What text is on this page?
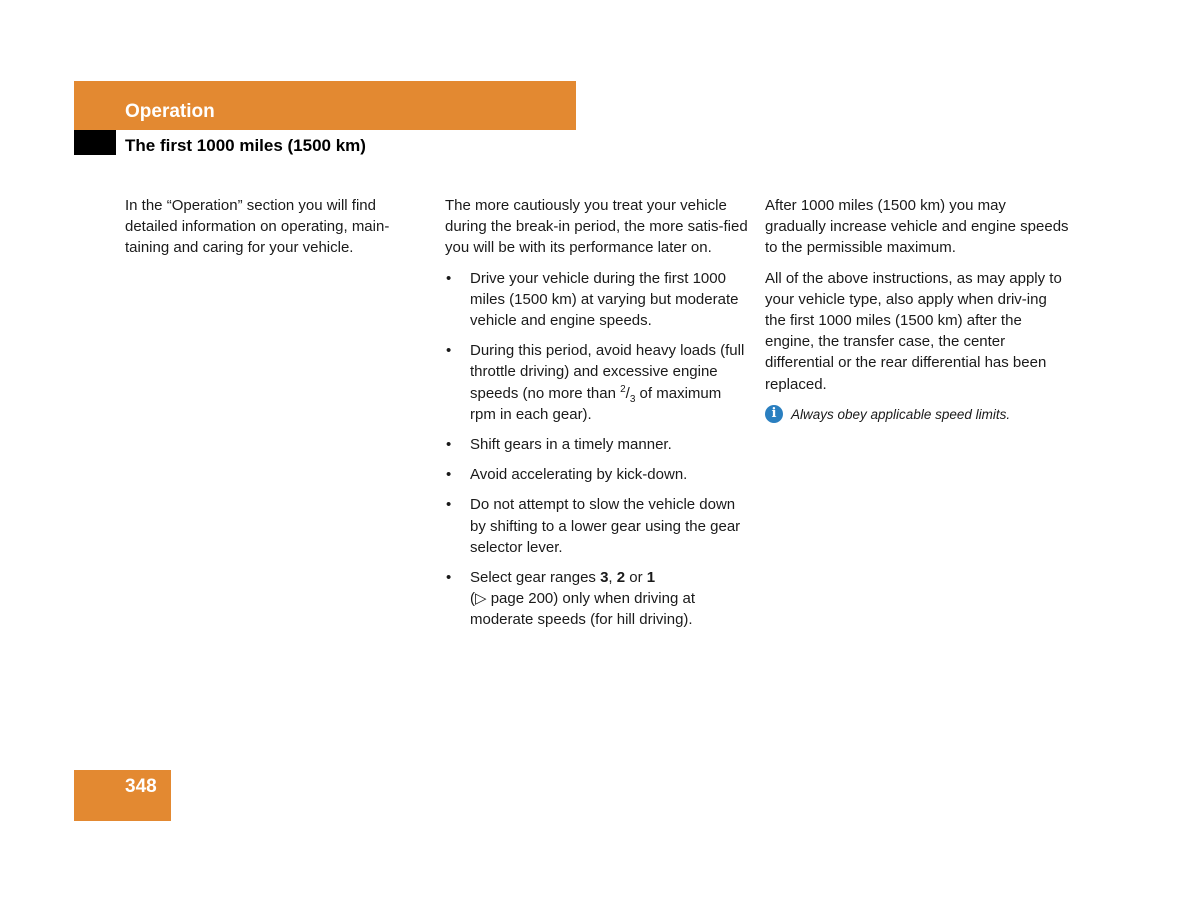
Operation
The first 1000 miles (1500 km)

In the “Operation” section you will find detailed information on operating, main-taining and caring for your vehicle.

The more cautiously you treat your vehicle during the break-in period, the more satis-fied you will be with its performance later on.

• Drive your vehicle during the first 1000 miles (1500 km) at varying but moderate vehicle and engine speeds.
• During this period, avoid heavy loads (full throttle driving) and excessive engine speeds (no more than $^2/_3$ of maximum rpm in each gear).
• Shift gears in a timely manner.
• Avoid accelerating by kick-down.
• Do not attempt to slow the vehicle down by shifting to a lower gear using the gear selector lever.
• Select gear ranges 3, 2 or 1
(▷ page 200) only when driving at moderate speeds (for hill driving).

After 1000 miles (1500 km) you may gradually increase vehicle and engine speeds to the permissible maximum.

All of the above instructions, as may apply to your vehicle type, also apply when driv-ing the first 1000 miles (1500 km) after the engine, the transfer case, the center differential or the rear differential has been replaced.

i	Always obey applicable speed limits.
348
